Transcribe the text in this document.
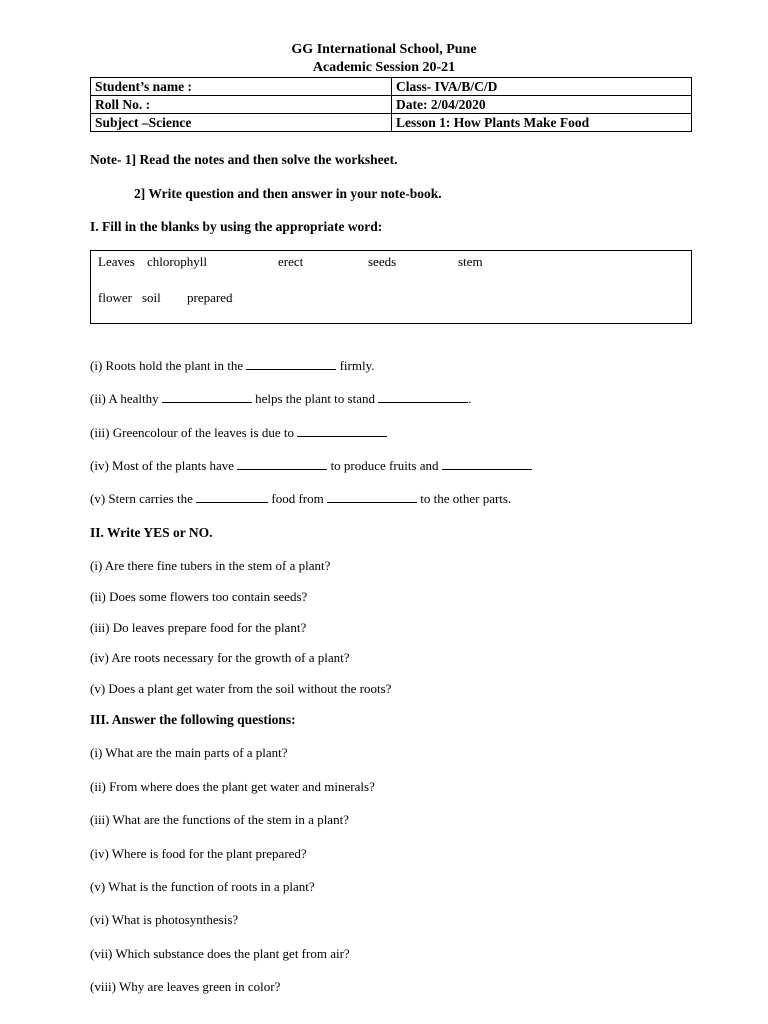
GG International School, Pune
Academic Session 20-21
Student’s name :	Class- IVA/B/C/D
Roll No. :	Date: 2/04/2020
Subject –Science	Lesson 1: How Plants Make Food
Note- 1] Read the notes and then solve the worksheet.
2] Write question and then answer in your note-book.
I. Fill in the blanks by using the appropriate word:
Leaves chlorophyll	erect	seeds	stem
flower soil prepared
(i) Roots hold the plant in the	firmly.
(ii) A healthy	helps the plant to stand	.
(iii) Greencolour of the leaves is due to
(iv) Most of the plants have	to produce fruits and
(v) Stern carries the	food from	to the other parts.
II. Write YES or NO.
(i) Are there fine tubers in the stem of a plant?
(ii) Does some flowers too contain seeds?
(iii) Do leaves prepare food for the plant?
(iv) Are roots necessary for the growth of a plant?
(v) Does a plant get water from the soil without the roots?
III. Answer the following questions:
(i) What are the main parts of a plant?
(ii) From where does the plant get water and minerals?
(iii) What are the functions of the stem in a plant?
(iv) Where is food for the plant prepared?
(v) What is the function of roots in a plant?
(vi) What is photosynthesis?
(vii) Which substance does the plant get from air?
(viii) Why are leaves green in color?
